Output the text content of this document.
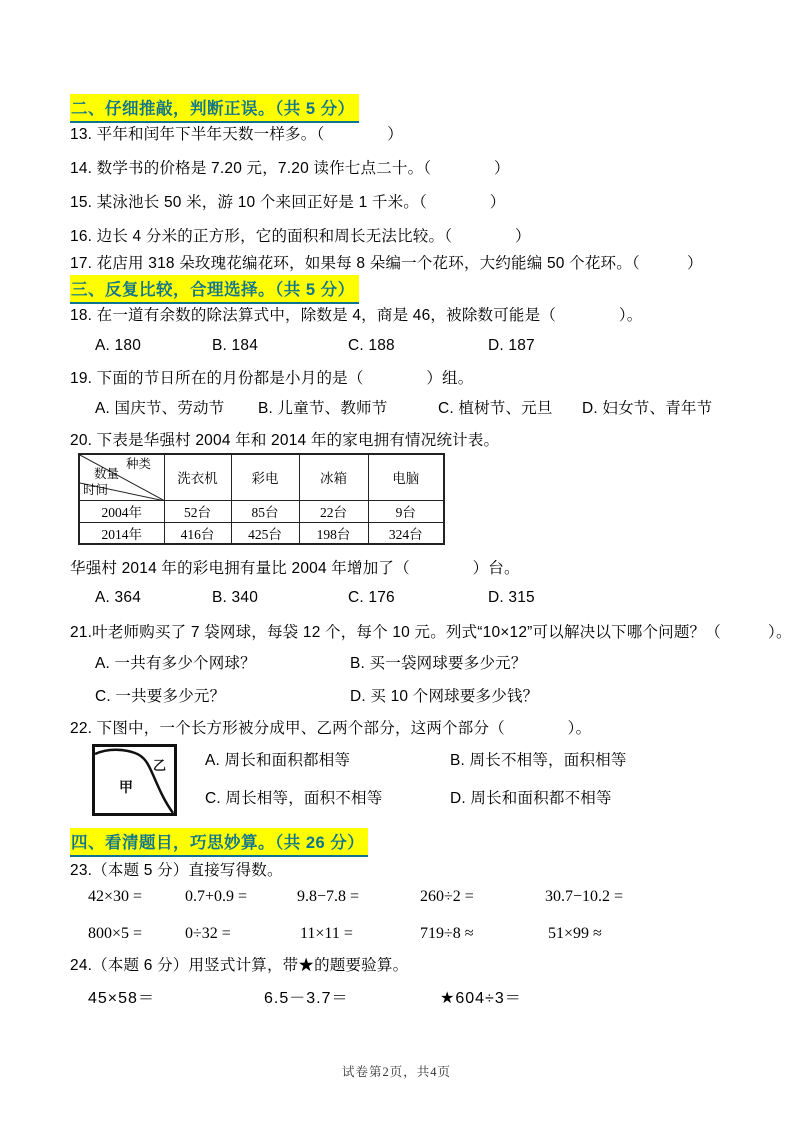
二、仔细推敲，判断正误。（共 5 分）
13. 平年和闰年下半年天数一样多。（　　　　）
14. 数学书的价格是 7.20 元，7.20 读作七点二十。（　　　　）
15. 某泳池长 50 米，游 10 个来回正好是 1 千米。（　　　　）
16. 边长 4 分米的正方形，它的面积和周长无法比较。（　　　　）
17. 花店用 318 朵玫瑰花编花环，如果每 8 朵编一个花环，大约能编 50 个花环。（　　　）
三、反复比较，合理选择。（共 5 分）
18. 在一道有余数的除法算式中，除数是 4，商是 46，被除数可能是（　　　　）。
A. 180	B. 184	C. 188	D. 187
19. 下面的节日所在的月份都是小月的是（　　　　）组。
A. 国庆节、劳动节 B. 儿童节、教师节	C. 植树节、元旦 D. 妇女节、青年节
20. 下表是华强村 2004 年和 2014 年的家电拥有情况统计表。
种类
数量
时间	洗衣机	彩电	冰箱	电脑
2004年	52台	85台	22台	9台
2014年	416台	425台	198台	324台
华强村 2014 年的彩电拥有量比 2004 年增加了（　　　　）台。
A. 364	B. 340	C. 176	D. 315
21.叶老师购买了 7 袋网球，每袋 12 个，每个 10 元。列式“10×12”可以解决以下哪个问题？（　　　）。
A. 一共有多少个网球？	B. 买一袋网球要多少元？
C. 一共要多少元？	D. 买 10 个网球要多少钱？
22. 下图中，一个长方形被分成甲、乙两个部分，这两个部分（　　　　）。
甲
乙	A. 周长和面积都相等	B. 周长不相等，面积相等
C. 周长相等，面积不相等	D. 周长和面积都不相等
四、看清题目，巧思妙算。（共 26 分）
23.（本题 5 分）直接写得数。
42×30 =	0.7+0.9 =	9.8−7.8 =	260÷2 =	30.7−10.2 =
800×5 =	0÷32 =	11×11 =	719÷8 ≈	51×99 ≈
24.（本题 6 分）用竖式计算，带★的题要验算。
45×58＝	6.5－3.7＝	★604÷3＝
试卷第2页，共4页
